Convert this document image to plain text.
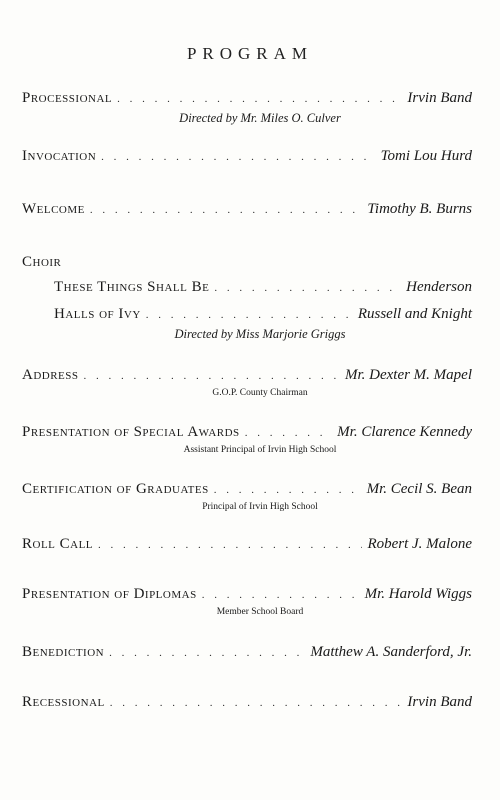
PROGRAM
Processional . . .	Irvin Band
Directed by Mr. Miles O. Culver
Invocation . . .	Tomi Lou Hurd
Welcome . . .	Timothy B. Burns
Choir
These Things Shall Be . . .	Henderson
Halls of Ivy . . .	Russell and Knight
Directed by Miss Marjorie Griggs
Address . . .	Mr. Dexter M. Mapel
G.O.P. County Chairman
Presentation of Special Awards . . .	Mr. Clarence Kennedy
Assistant Principal of Irvin High School
Certification of Graduates . . .	Mr. Cecil S. Bean
Principal of Irvin High School
Roll Call . . .	Robert J. Malone
Presentation of Diplomas . . .	Mr. Harold Wiggs
Member School Board
Benediction . . .	Matthew A. Sanderford, Jr.
Recessional . . .	Irvin Band
